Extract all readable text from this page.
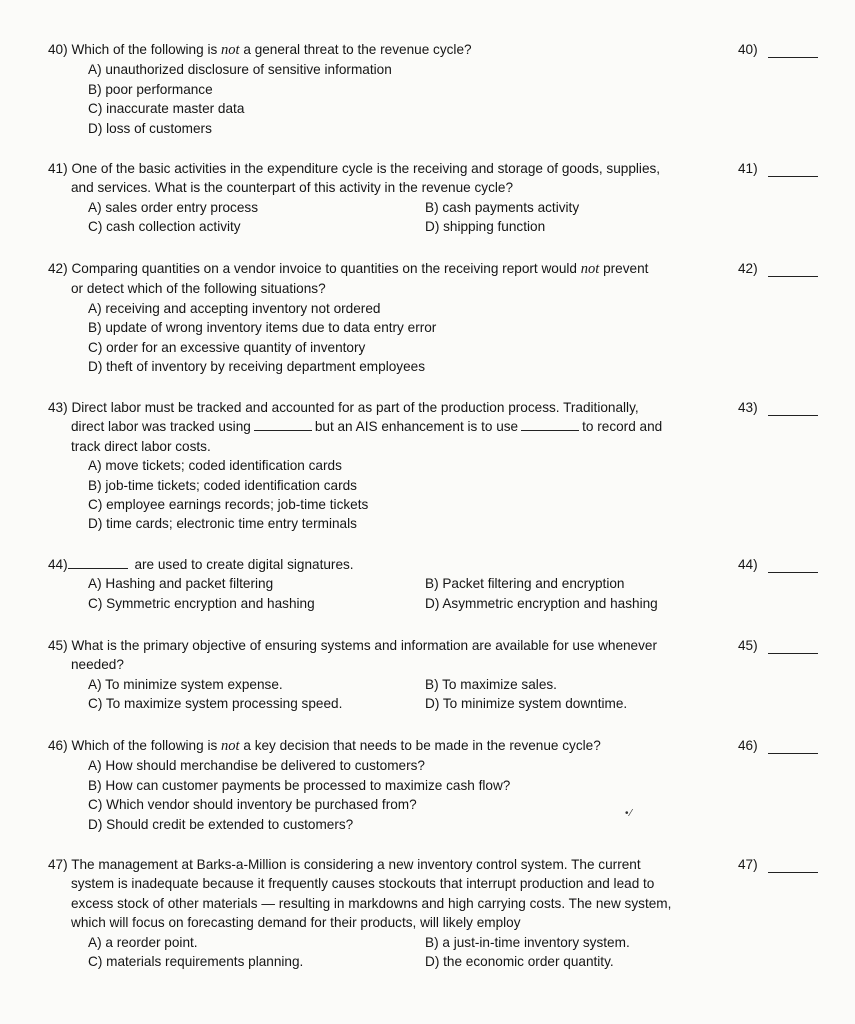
40) Which of the following is not a general threat to the revenue cycle?
A) unauthorized disclosure of sensitive information
B) poor performance
C) inaccurate master data
D) loss of customers
40)
41) One of the basic activities in the expenditure cycle is the receiving and storage of goods, supplies,
and services. What is the counterpart of this activity in the revenue cycle?
A) sales order entry process	B) cash payments activity
C) cash collection activity	D) shipping function
41)
42) Comparing quantities on a vendor invoice to quantities on the receiving report would not prevent
or detect which of the following situations?
A) receiving and accepting inventory not ordered
B) update of wrong inventory items due to data entry error
C) order for an excessive quantity of inventory
D) theft of inventory by receiving department employees
42)
43) Direct labor must be tracked and accounted for as part of the production process. Traditionally,
direct labor was tracked using	but an AIS enhancement is to use	to record and
track direct labor costs.
A) move tickets; coded identification cards
B) job-time tickets; coded identification cards
C) employee earnings records; job-time tickets
D) time cards; electronic time entry terminals
43)
44)	are used to create digital signatures.
A) Hashing and packet filtering	B) Packet filtering and encryption
C) Symmetric encryption and hashing	D) Asymmetric encryption and hashing
44)
45) What is the primary objective of ensuring systems and information are available for use whenever
needed?
A) To minimize system expense.	B) To maximize sales.
C) To maximize system processing speed.	D) To minimize system downtime.
45)
46) Which of the following is not a key decision that needs to be made in the revenue cycle?
A) How should merchandise be delivered to customers?
B) How can customer payments be processed to maximize cash flow?
C) Which vendor should inventory be purchased from?
D) Should credit be extended to customers?
46)
47) The management at Barks-a-Million is considering a new inventory control system. The current
system is inadequate because it frequently causes stockouts that interrupt production and lead to
excess stock of other materials — resulting in markdowns and high carrying costs. The new system,
which will focus on forecasting demand for their products, will likely employ
A) a reorder point.	B) a just-in-time inventory system.
C) materials requirements planning.	D) the economic order quantity.
47)
•  ⁄
